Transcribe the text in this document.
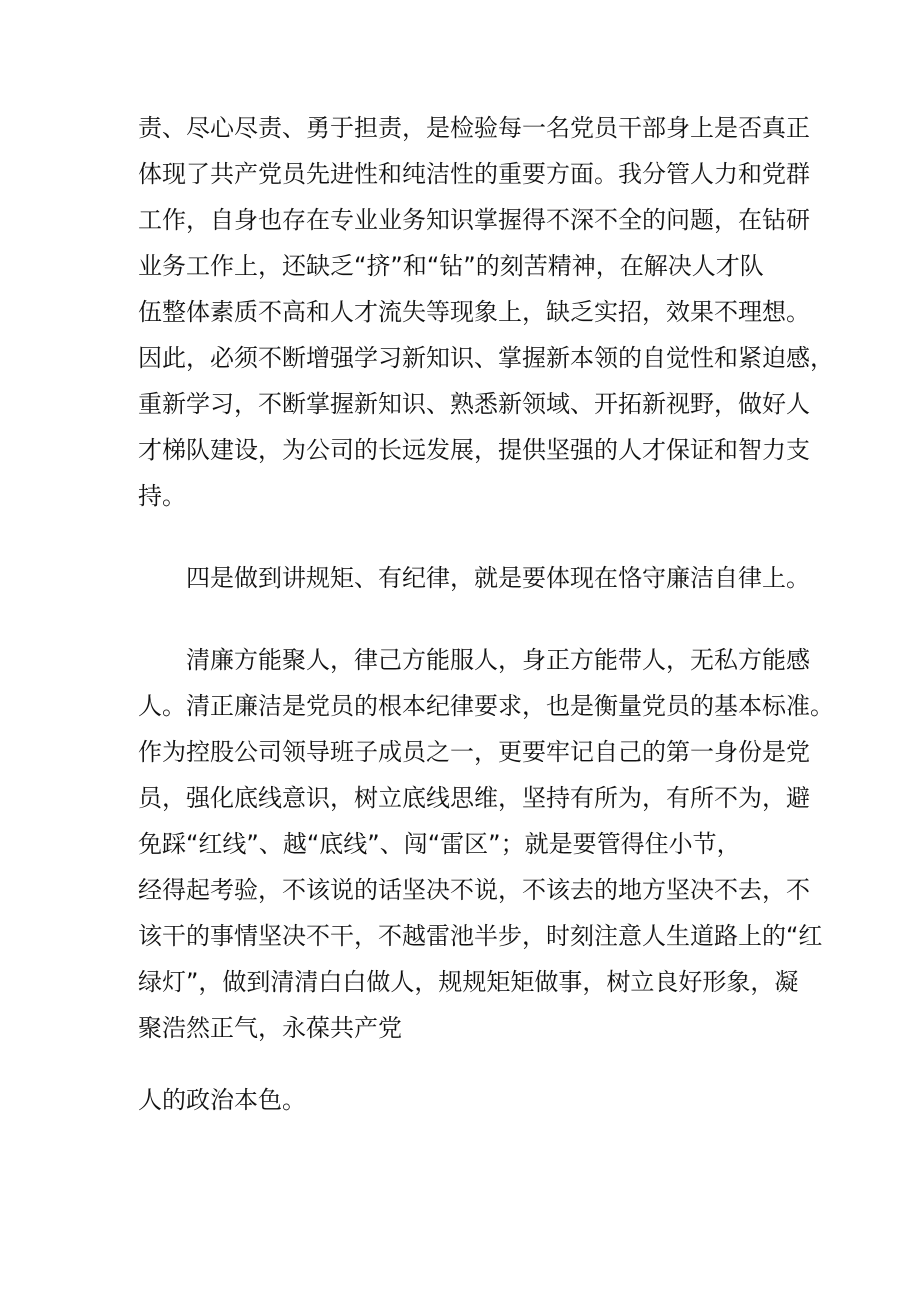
责、尽心尽责、勇于担责，是检验每一名党员干部身上是否真正
体现了共产党员先进性和纯洁性的重要方面。我分管人力和党群
工作，自身也存在专业业务知识掌握得不深不全的问题，在钻研
业务工作上，还缺乏“挤”和“钻”的刻苦精神，在解决人才队
伍整体素质不高和人才流失等现象上，缺乏实招，效果不理想。
因此，必须不断增强学习新知识、掌握新本领的自觉性和紧迫感，
重新学习，不断掌握新知识、熟悉新领域、开拓新视野，做好人
才梯队建设，为公司的长远发展，提供坚强的人才保证和智力支
持。
四是做到讲规矩、有纪律，就是要体现在恪守廉洁自律上。
清廉方能聚人，律己方能服人，身正方能带人，无私方能感
人。清正廉洁是党员的根本纪律要求，也是衡量党员的基本标准。
作为控股公司领导班子成员之一，更要牢记自己的第一身份是党
员，强化底线意识，树立底线思维，坚持有所为，有所不为，避
免踩“红线”、越“底线”、闯“雷区”；就是要管得住小节，
经得起考验，不该说的话坚决不说，不该去的地方坚决不去，不
该干的事情坚决不干，不越雷池半步，时刻注意人生道路上的“红
绿灯”，做到清清白白做人，规规矩矩做事，树立良好形象，凝
聚浩然正气，永葆共产党
人的政治本色。
